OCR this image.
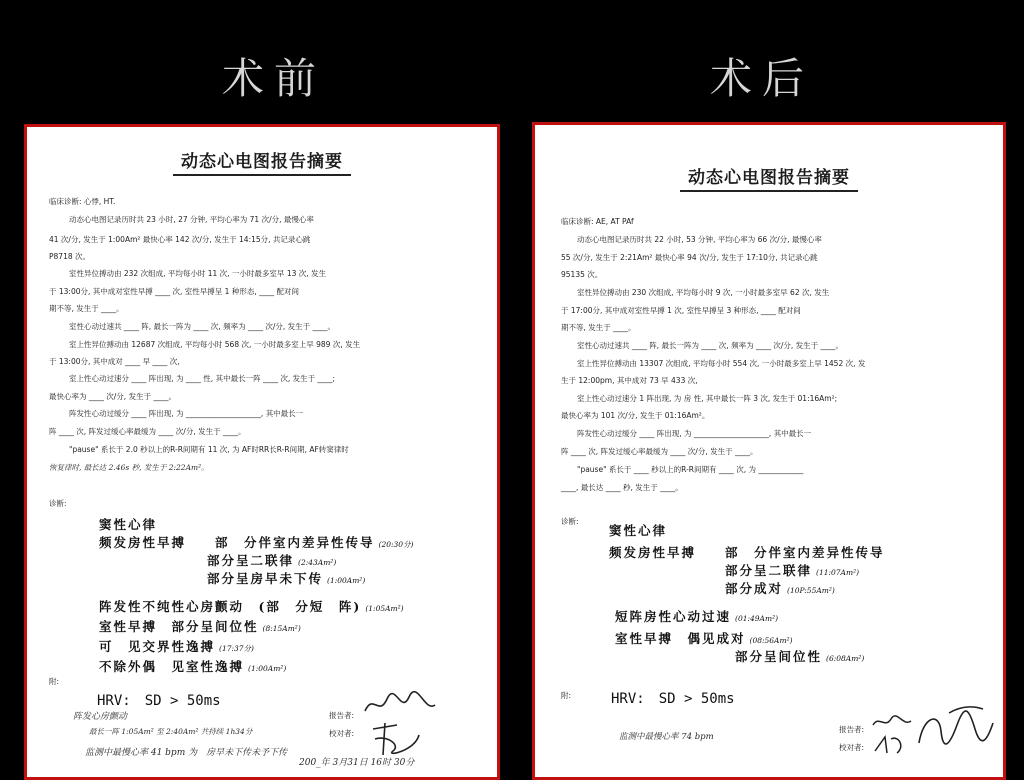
术前	术后
动态心电图报告摘要
临床诊断: 心悸, HT.
动态心电图记录历时共 23 小时, 27 分钟, 平均心率为 71 次/分, 最慢心率
41 次/分, 发生于 1:00Am² 最快心率 142 次/分, 发生于 14:15分, 共记录心跳
P8718 次。
室性异位搏动由 232 次组成, 平均每小时 11 次, 一小时最多室早 13 次, 发生
于 13:00分, 其中成对室性早搏 ____ 次, 室性早搏呈 1 种形态, ____ 配对间
期不等, 发生于 ____。
室性心动过速共 ____ 阵, 最长一阵为 ____ 次, 频率为 ____ 次/分, 发生于 ____。
室上性异位搏动由 12687 次组成, 平均每小时 568 次, 一小时最多室上早 989 次, 发生
于 13:00分, 其中成对 ____ 早 ____ 次,
室上性心动过速分 ____ 阵出现, 为 ____ 性, 其中最长一阵 ____ 次, 发生于 ____;
最快心率为 ____ 次/分, 发生于 ____。
阵发性心动过缓分 ____ 阵出现, 为 ____________________, 其中最长一
阵 ____ 次, 阵发过缓心率最缓为 ____ 次/分, 发生于 ____。
"pause" 系长于 2.0 秒以上的R-R间期有 11 次, 为 AF时RR长R-R间期, AF转窦律时
恢复律时, 最长达 2.46s 秒, 发生于 2:22Am²。
诊断:
窦性心律
频发房性早搏　　部　分伴室内差异性传导 (20:30分)
部分呈二联律 (2:43Am²)
部分呈房早未下传 (1:00Am²)
阵发性不纯性心房颤动　(部　分短　阵) (1:05Am²)
室性早搏　部分呈间位性 (8:15Am²)
可　见交界性逸搏 (17:37分)
不除外偶　见室性逸搏 (1:00Am²)
附:
HRV:　SD > 50ms
报告者:
校对者:
阵发心房颤动
最长一阵 1:05Am² 至 2:40Am² 共持续 1h34分
监测中最慢心率 41 bpm 为　房早未下传未予下传
200_年 3月31日 16时 30分
动态心电图报告摘要
临床诊断: AE, AT PAf
动态心电图记录历时共 22 小时, 53 分钟, 平均心率为 66 次/分, 最慢心率
55 次/分, 发生于 2:21Am² 最快心率 94 次/分, 发生于 17:10分, 共记录心跳
95135 次。
室性异位搏动由 230 次组成, 平均每小时 9 次, 一小时最多室早 62 次, 发生
于 17:00分, 其中成对室性早搏 1 次, 室性早搏呈 3 种形态, ____ 配对间
期不等, 发生于 ____。
室性心动过速共 ____ 阵, 最长一阵为 ____ 次, 频率为 ____ 次/分, 发生于 ____。
室上性异位搏动由 13307 次组成, 平均每小时 554 次, 一小时最多室上早 1452 次, 发
生于 12:00pm, 其中成对 73 早 433 次,
室上性心动过速分 1 阵出现, 为 房 性, 其中最长一阵 3 次, 发生于 01:16Am²;
最快心率为 101 次/分, 发生于 01:16Am²。
阵发性心动过缓分 ____ 阵出现, 为 ____________________, 其中最长一
阵 ____ 次, 阵发过缓心率最缓为 ____ 次/分, 发生于 ____。
"pause" 系长于 ____ 秒以上的R-R间期有 ____ 次, 为 ____________
____, 最长达 ____ 秒, 发生于 ____。
诊断:
窦性心律
频发房性早搏　　部　分伴室内差异性传导
部分呈二联律 (11:07Am²)
部分成对 (10P:55Am²)
短阵房性心动过速 (01:49Am²)
室性早搏　偶见成对 (08:56Am²)
部分呈间位性 (6:08Am²)
附:	HRV:　SD > 50ms
监测中最慢心率 74 bpm
报告者:
校对者:
